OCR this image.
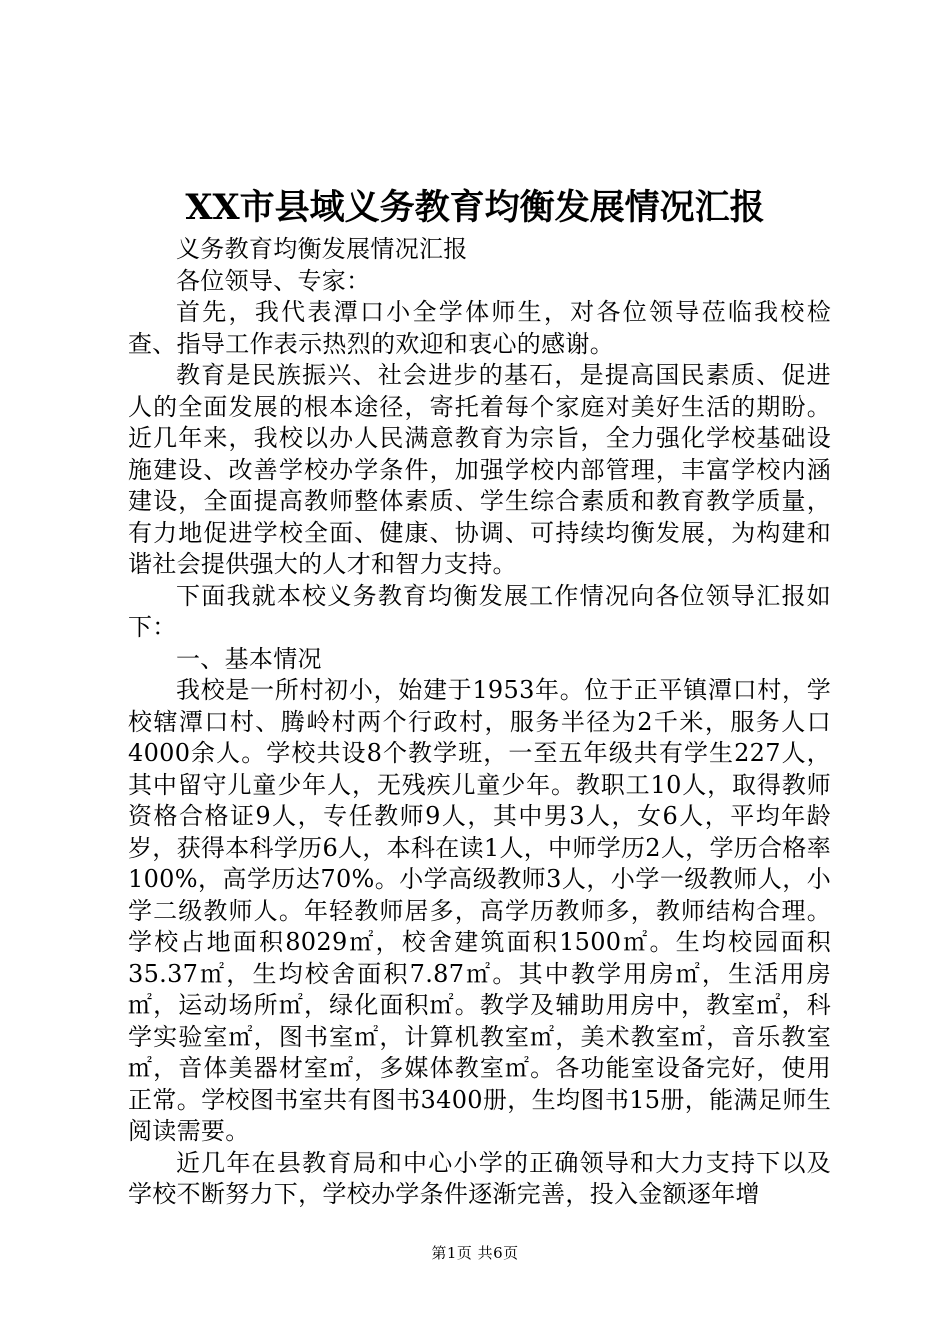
XX市县域义务教育均衡发展情况汇报

义务教育均衡发展情况汇报

各位领导、专家：

首先，我代表潭口小全学体师生，对各位领导莅临我校检查、指导工作表示热烈的欢迎和衷心的感谢。

教育是民族振兴、社会进步的基石，是提高国民素质、促进人的全面发展的根本途径，寄托着每个家庭对美好生活的期盼。近几年来，我校以办人民满意教育为宗旨，全力强化学校基础设施建设、改善学校办学条件，加强学校内部管理，丰富学校内涵建设，全面提高教师整体素质、学生综合素质和教育教学质量，有力地促进学校全面、健康、协调、可持续均衡发展，为构建和谐社会提供强大的人才和智力支持。

下面我就本校义务教育均衡发展工作情况向各位领导汇报如下：

一、基本情况

我校是一所村初小，始建于1953年。位于正平镇潭口村，学校辖潭口村、腾岭村两个行政村，服务半径为2千米，服务人口4000余人。学校共设8个教学班，一至五年级共有学生227人，其中留守儿童少年人，无残疾儿童少年。教职工10人，取得教师资格合格证9人，专任教师9人，其中男3人，女6人，平均年龄岁，获得本科学历6人，本科在读1人，中师学历2人，学历合格率100%，高学历达70%。小学高级教师3人，小学一级教师人，小学二级教师人。年轻教师居多，高学历教师多，教师结构合理。学校占地面积8029㎡，校舍建筑面积1500㎡。生均校园面积35.37㎡，生均校舍面积7.87㎡。其中教学用房㎡，生活用房㎡，运动场所㎡，绿化面积㎡。教学及辅助用房中，教室㎡，科学实验室㎡，图书室㎡，计算机教室㎡，美术教室㎡，音乐教室㎡，音体美器材室㎡，多媒体教室㎡。各功能室设备完好，使用正常。学校图书室共有图书3400册，生均图书15册，能满足师生阅读需要。

近几年在县教育局和中心小学的正确领导和大力支持下以及学校不断努力下，学校办学条件逐渐完善，投入金额逐年增

第1页 共6页
